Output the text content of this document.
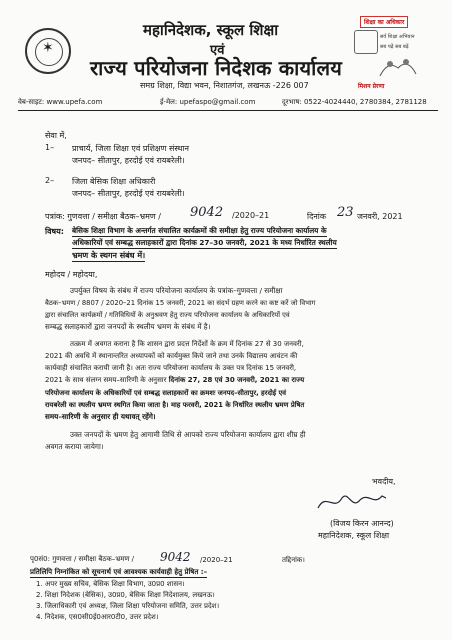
✶
महानिदेशक, स्कूल शिक्षा
एवं
राज्य परियोजना निदेशक कार्यालय
समग्र शिक्षा, विद्या भवन, निशातगंज, लखनऊ -226 007
शिक्षा का अधिकार
सर्व शिक्षा अभियान
सब पढ़ें सब बढ़ें
मिशन प्रेरणा
वेब-साइट: www.upefa.com	ई-मेल: upefaspo@gmail.com	दूरभाष: 0522-4024440, 2780384, 2781128
सेवा में,
1– प्राचार्य, जिला शिक्षा एवं प्रशिक्षण संस्थान
जनपद– सीतापुर, हरदोई एवं रायबरेली।
2– जिला बेसिक शिक्षा अधिकारी
जनपद– सीतापुर, हरदोई एवं रायबरेली।
पत्रांक: गुणवत्ता / समीक्षा बैठक–भ्रमण / 9042 /2020–21	दिनांक 23 जनवरी, 2021
विषय: बेसिक शिक्षा विभाग के अन्तर्गत संचालित कार्यक्रमों की समीक्षा हेतु राज्य परियोजना कार्यालय के
अधिकारियों एवं सम्बद्ध सलाहकारों द्वारा दिनांक 27–30 जनवरी, 2021 के मध्य निर्धारित स्थलीय
भ्रमण के स्थगन संबंध में।
महोदय / महोदया,
उपर्युक्त विषय के संबंध में राज्य परियोजना कार्यालय के पत्रांक–गुणवत्ता / समीक्षा
बैठक–भ्रमण / 8807 / 2020–21 दिनांक 15 जनवरी, 2021 का संदर्भ ग्रहण करने का कष्ट करें जो विभाग
द्वारा संचालित कार्यक्रमों / गतिविधियों के अनुश्रवण हेतु राज्य परियोजना कार्यालय के अधिकारियों एवं
सम्बद्ध सलाहकारों द्वारा जनपदों के स्थलीय भ्रमण के संबंध में है।
तत्क्रम में अवगत कराना है कि शासन द्वारा प्रदत्त निर्देशों के क्रम में दिनांक 27 से 30 जनवरी,
2021 की अवधि में स्थानान्तरित अध्यापकों को कार्यमुक्त किये जाने तथा उनके विद्यालय आवंटन की
कार्यवाही संचालित करायी जानी है। अतः राज्य परियोजना कार्यालय के उक्त पत्र दिनांक 15 जनवरी,
2021 के साथ संलग्न समय–सारिणी के अनुसार दिनांक 27, 28 एवं 30 जनवरी, 2021 का राज्य
परियोजना कार्यालय के अधिकारियों एवं सम्बद्ध सलाहकारों का क्रमशः जनपद–सीतापुर, हरदोई एवं
रायबरेली का स्थलीय भ्रमण स्थगित किया जाता है। माह फरवरी, 2021 के निर्धारित स्थलीय भ्रमण प्रेषित
समय–सारिणी के अनुसार ही यथावत् रहेंगे।
उक्त जनपदों के भ्रमण हेतु आगामी तिथि से आपको राज्य परियोजना कार्यालय द्वारा शीघ्र ही
अवगत कराया जायेगा।
भवदीय,
(विजय किरन आनन्द)
महानिदेशक, स्कूल शिक्षा
पृ0सं0: गुणवत्ता / समीक्षा बैठक–भ्रमण / 9042 /2020–21	तद्दिनांक।
प्रतिलिपि निम्नांकित को सूचनार्थ एवं आवश्यक कार्यवाही हेतु प्रेषित :–
1. अपर मुख्य सचिव, बेसिक शिक्षा विभाग, उ0प्र0 शासन।
2. शिक्षा निदेशक (बेसिक), उ0प्र0, बेसिक शिक्षा निदेशालय, लखनऊ।
3. जिलाधिकारी एवं अध्यक्ष, जिला शिक्षा परियोजना समिति, उत्तर प्रदेश।
4. निदेशक, एस0सी0ई0आर0टी0, उत्तर प्रदेश।
